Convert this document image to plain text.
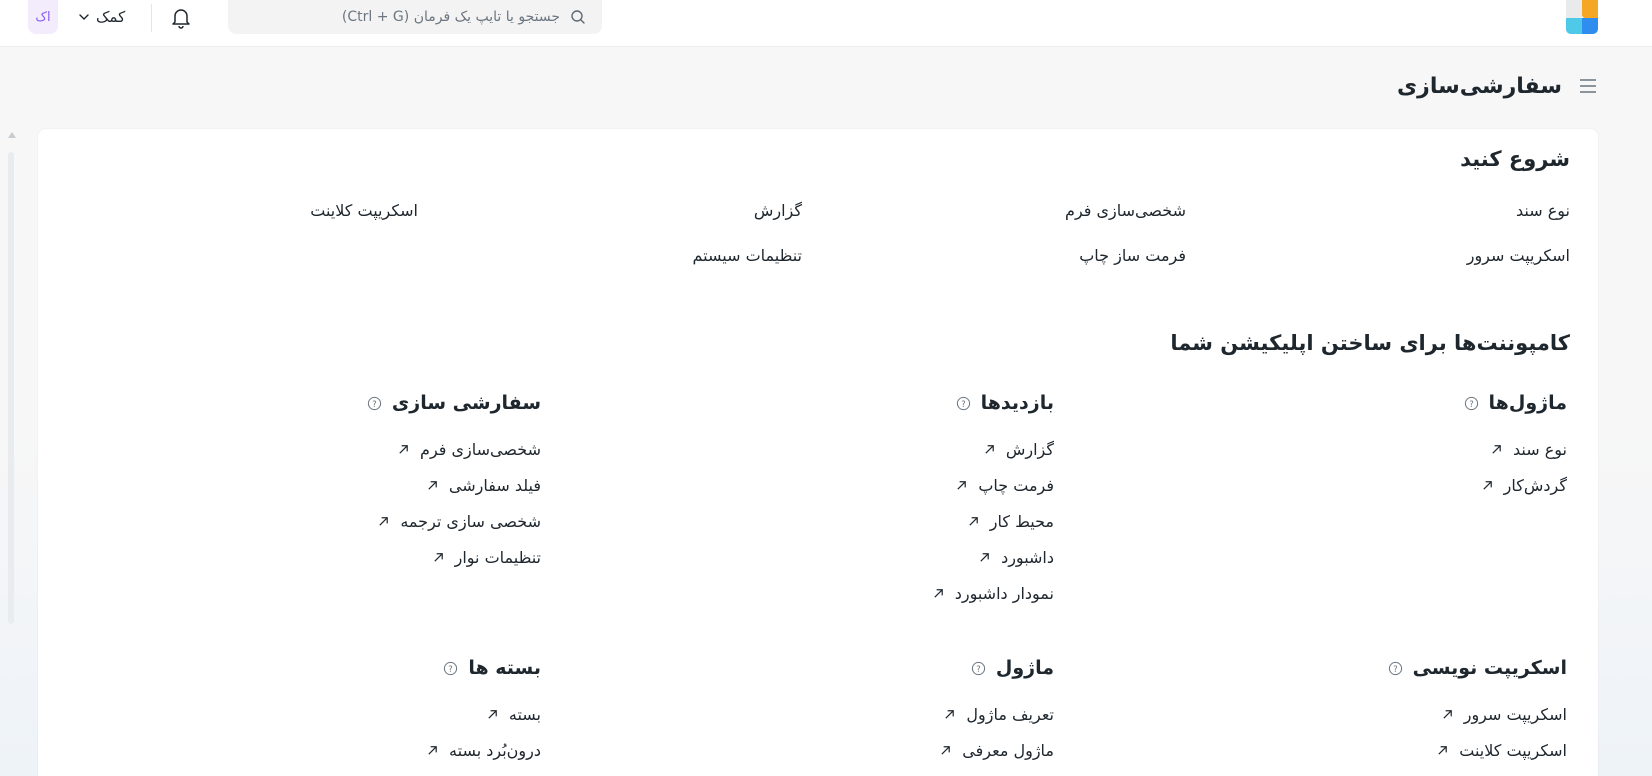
جستجو یا تایپ یک فرمان (Ctrl + G)
کمک
اک
سفارشی‌سازی
شروع کنید
نوع سند
شخصی‌سازی فرم
گزارش
اسکریپت کلاینت
اسکریپت سرور
فرمت ساز چاپ
تنظیمات سیستم
کامپوننت‌ها برای ساختن اپلیکیشن شما
ماژول‌ها
?
نوع سند
گردش‌کار
بازدیدها
?
گزارش
فرمت چاپ
محیط کار
داشبورد
نمودار داشبورد
سفارشی سازی
?
شخصی‌سازی فرم
فیلد سفارشی
شخصی سازی ترجمه
تنظیمات نوار
اسکریپت نویسی
?
اسکریپت سرور
اسکریپت کلاینت
ماژول
?
تعریف ماژول
ماژول معرفی
بسته ها
?
بسته
درون‌بُرد بسته
